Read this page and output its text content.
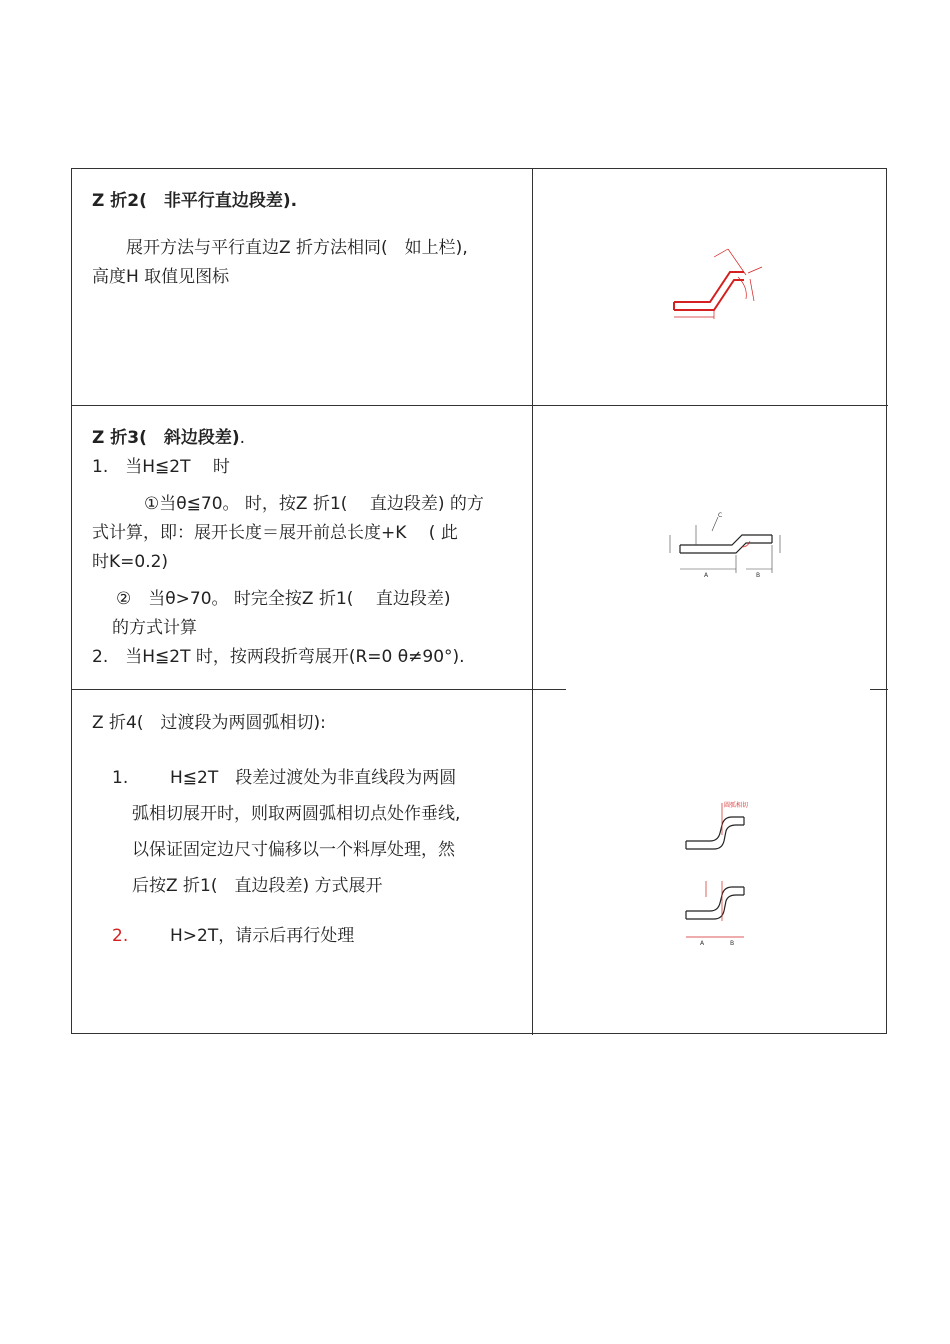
Z 折2(　非平行直边段差).
　　展开方法与平行直边Z 折方法相同(　如上栏),
高度H 取值见图标
Z 折3(　斜边段差).
1.　当H≦2T　 时
①当θ≦70。 时，按Z 折1(　 直边段差) 的方
式计算，即：展开长度＝展开前总长度+K　 ( 此
时K=0.2)
②　当θ>70。 时完全按Z 折1(　 直边段差)
的方式计算
2.　当H≦2T 时，按两段折弯展开(R=0 θ≠90°).
A	B
C
Z 折4(　过渡段为两圆弧相切):
1. H≦2T　段差过渡处为非直线段为两圆
弧相切展开时，则取两圆弧相切点处作垂线,
以保证固定边尺寸偏移以一个料厚处理，然
后按Z 折1(　直边段差) 方式展开
2. H>2T，请示后再行处理
圆弧相切
A	B
